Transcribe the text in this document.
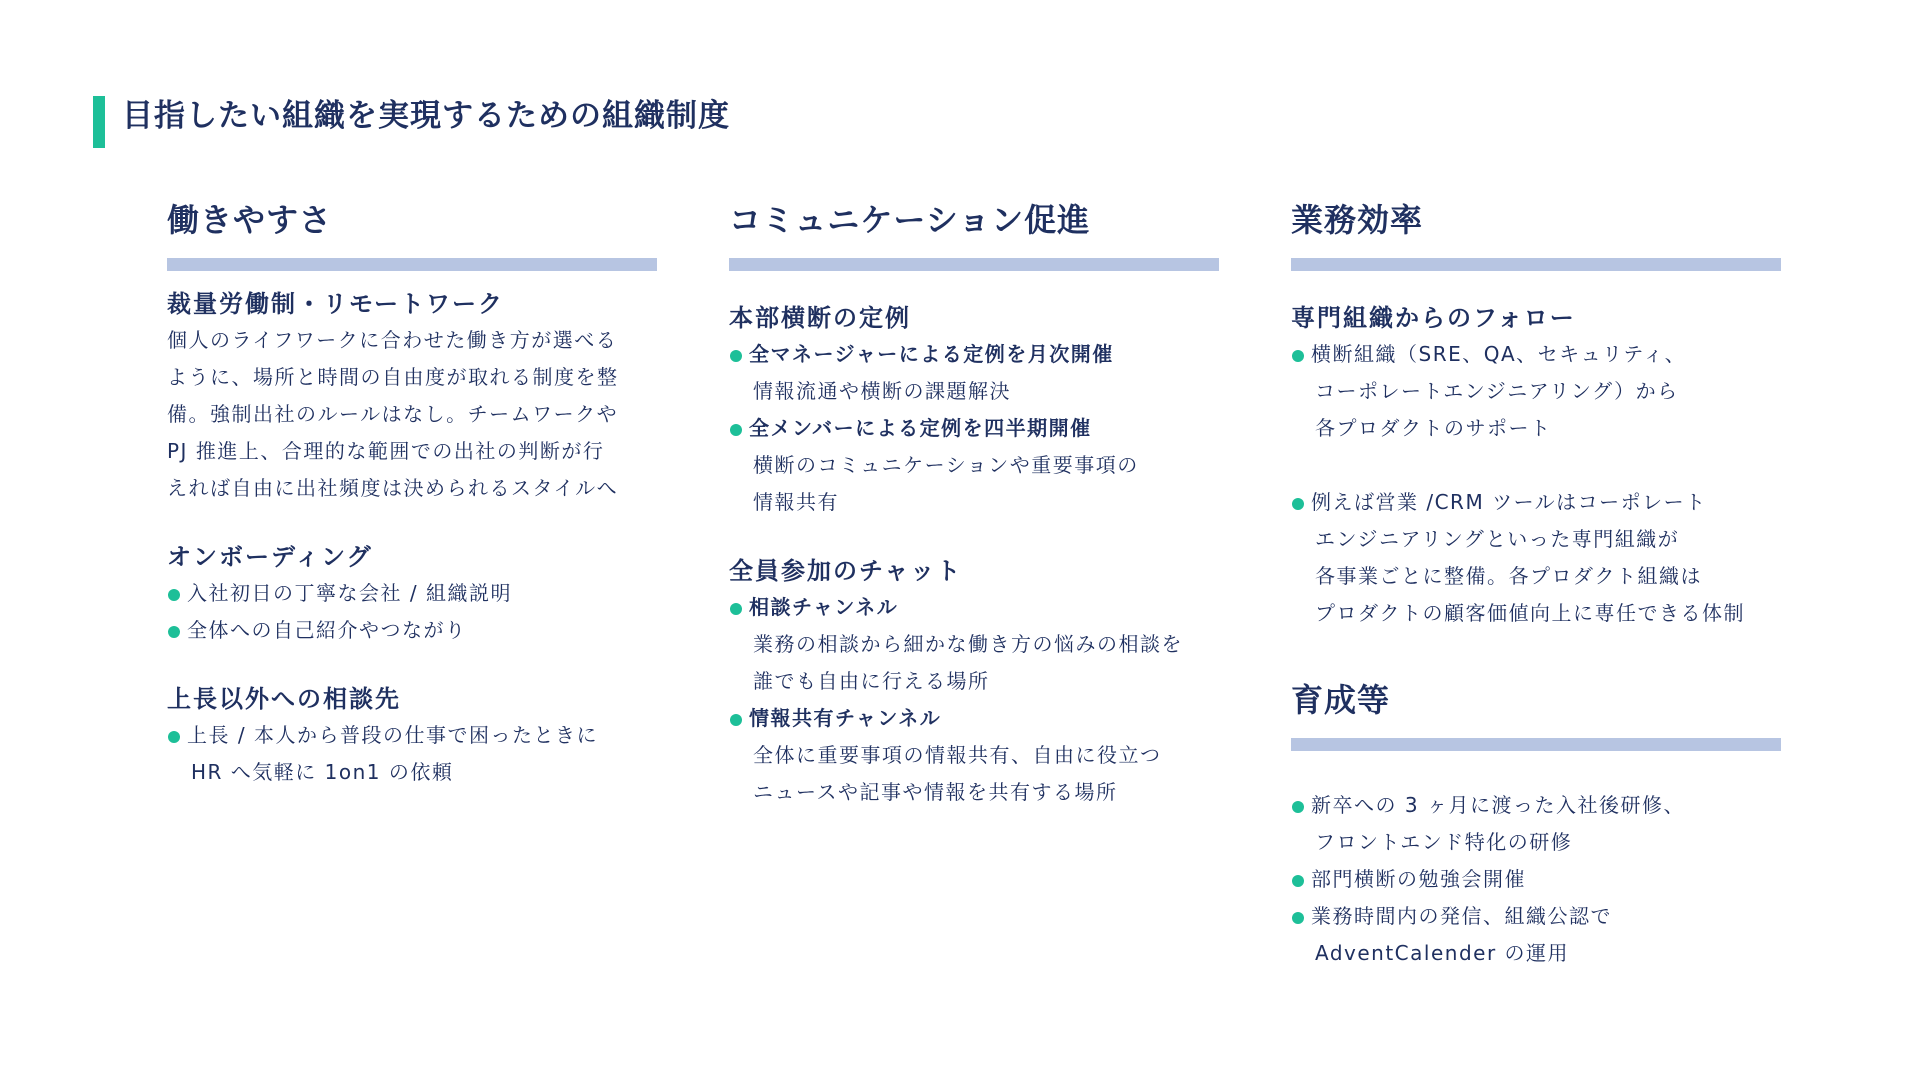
目指したい組織を実現するための組織制度
働きやすさ
裁量労働制・リモートワーク
個人のライフワークに合わせた働き方が選べる
ように、場所と時間の自由度が取れる制度を整
備。強制出社のルールはなし。チームワークや
PJ 推進上、合理的な範囲での出社の判断が行
えれば自由に出社頻度は決められるスタイルへ
オンボーディング
入社初日の丁寧な会社 / 組織説明
全体への自己紹介やつながり
上長以外への相談先
上長 / 本人から普段の仕事で困ったときに
HR へ気軽に 1on1 の依頼
コミュニケーション促進
本部横断の定例
全マネージャーによる定例を月次開催
情報流通や横断の課題解決
全メンバーによる定例を四半期開催
横断のコミュニケーションや重要事項の
情報共有
全員参加のチャット
相談チャンネル
業務の相談から細かな働き方の悩みの相談を
誰でも自由に行える場所
情報共有チャンネル
全体に重要事項の情報共有、自由に役立つ
ニュースや記事や情報を共有する場所
業務効率
専門組織からのフォロー
横断組織（SRE、QA、セキュリティ、
コーポレートエンジニアリング）から
各プロダクトのサポート
例えば営業 /CRM ツールはコーポレート
エンジニアリングといった専門組織が
各事業ごとに整備。各プロダクト組織は
プロダクトの顧客価値向上に専任できる体制
育成等
新卒への 3 ヶ月に渡った入社後研修、
フロントエンド特化の研修
部門横断の勉強会開催
業務時間内の発信、組織公認で
AdventCalender の運用
